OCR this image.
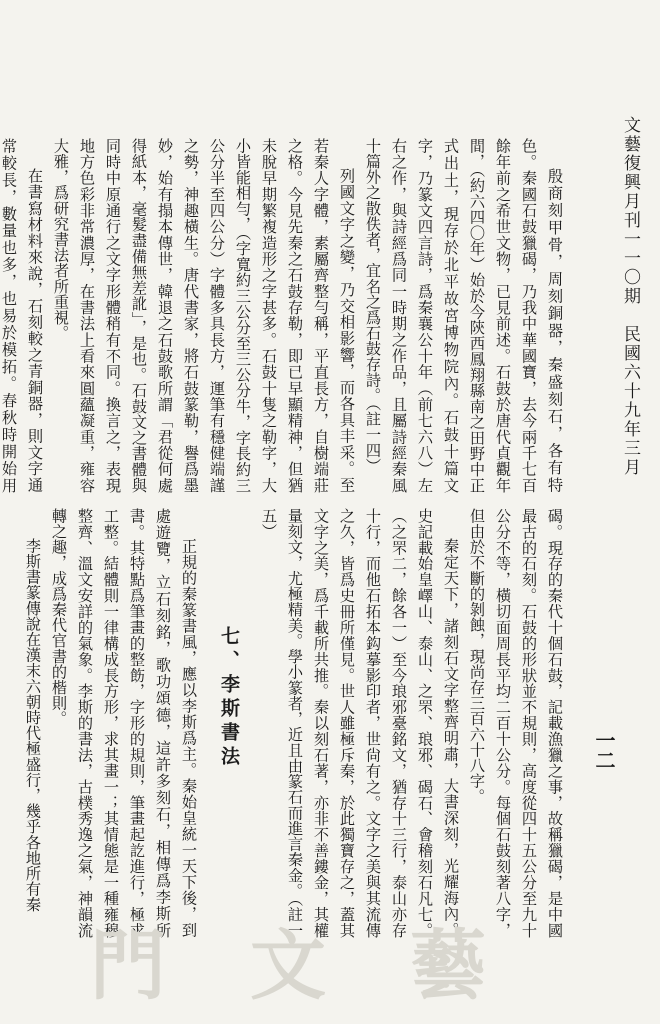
文藝復興月刊一一〇期　民國六十九年三月
一二

殷商刻甲骨，周刻銅器，秦盛刻石，各有特色。秦國石鼓獵碣，乃我中華國寶，去今兩千七百餘年前之希世文物，已見前述。石鼓於唐代貞觀年間，（約六四〇年）始於今陝西鳳翔縣南之田野中正式出土，現存於北平故宮博物院內。石鼓十篇文字，乃篆文四言詩，爲秦襄公十年（前七六八）左右之作，與詩經爲同一時期之作品，且屬詩經秦風十篇外之散佚者，宜名之爲石鼓存詩。（註一四）

列國文字之變，乃交相影響，而各具丰采。至若秦人字體，素屬齊整勻稱，平直長方，自樹端莊之格。今見先秦之石鼓存勒，即已早顯精神，但猶未脫早期繁複造形之字甚多。石鼓十隻之勒字，大小皆能相勻，（字寬約三公分至三公分牛，字長約三公分半至四公分）字體多具長方，運筆有穩健端謹之勢，神趣橫生。唐代書家，將石鼓篆勒，譽爲墨妙，始有搨本傳世，韓退之石鼓歌所謂「君從何處得紙本，毫髮盡備無差訛」，是也。石鼓文之書體與同時中原通行之文字形體稍有不同。換言之，表現地方色彩非常濃厚，在書法上看來圓蘊凝重，雍容大雅，爲研究書法者所重視。

在書寫材料來說，石刻較之青銅器，則文字通常較長，數量也多，也易於模拓。春秋時開始用

碣。現存的秦代十個石鼓，記載漁獵之事，故稱獵碣，是中國最古的石刻。石鼓的形狀並不規則，高度從四十五公分至九十公分不等，橫切面周長平均二百十公分。每個石鼓刻著八字，但由於不斷的剝蝕，現尚存三百六十八字。

秦定天下，諸刻石文字整齊明肅，大書深刻，光耀海內。史記載始皇嶧山、泰山、之罘、琅邪、碣石、會稽刻石凡七。（之罘二，餘各一）至今琅邪臺銘文，猶存十三行，泰山亦存十行，而他石拓本鈎摹影印者，世尙有之。文字之美與其流傳之久，皆爲史冊所僅見。世人雖極斥秦，於此獨寶存之，蓋其文字之美，爲千載所共推。秦以刻石著，亦非不善鏤金，其權量刻文，尤極精美。學小篆者，近且由篆石而進言秦金。（註一五）

七、李斯書法

正規的秦篆書風，應以李斯爲主。秦始皇統一天下後，到處遊覽，立石刻銘，歌功頌德，這許多刻石，相傳爲李斯所書。其特點爲筆畫的整飭，字形的規則，筆畫起訖進行，極求工整。結體則一律構成長方形，求其畫一；其情態是一種雍穆整齊、溫文安詳的氣象。李斯的書法，古樸秀逸之氣，神韻流轉之趣，成爲秦代官書的楷則。

李斯書篆傳說在漢末六朝時代極盛行，幾乎各地所有秦

門　文　藝
